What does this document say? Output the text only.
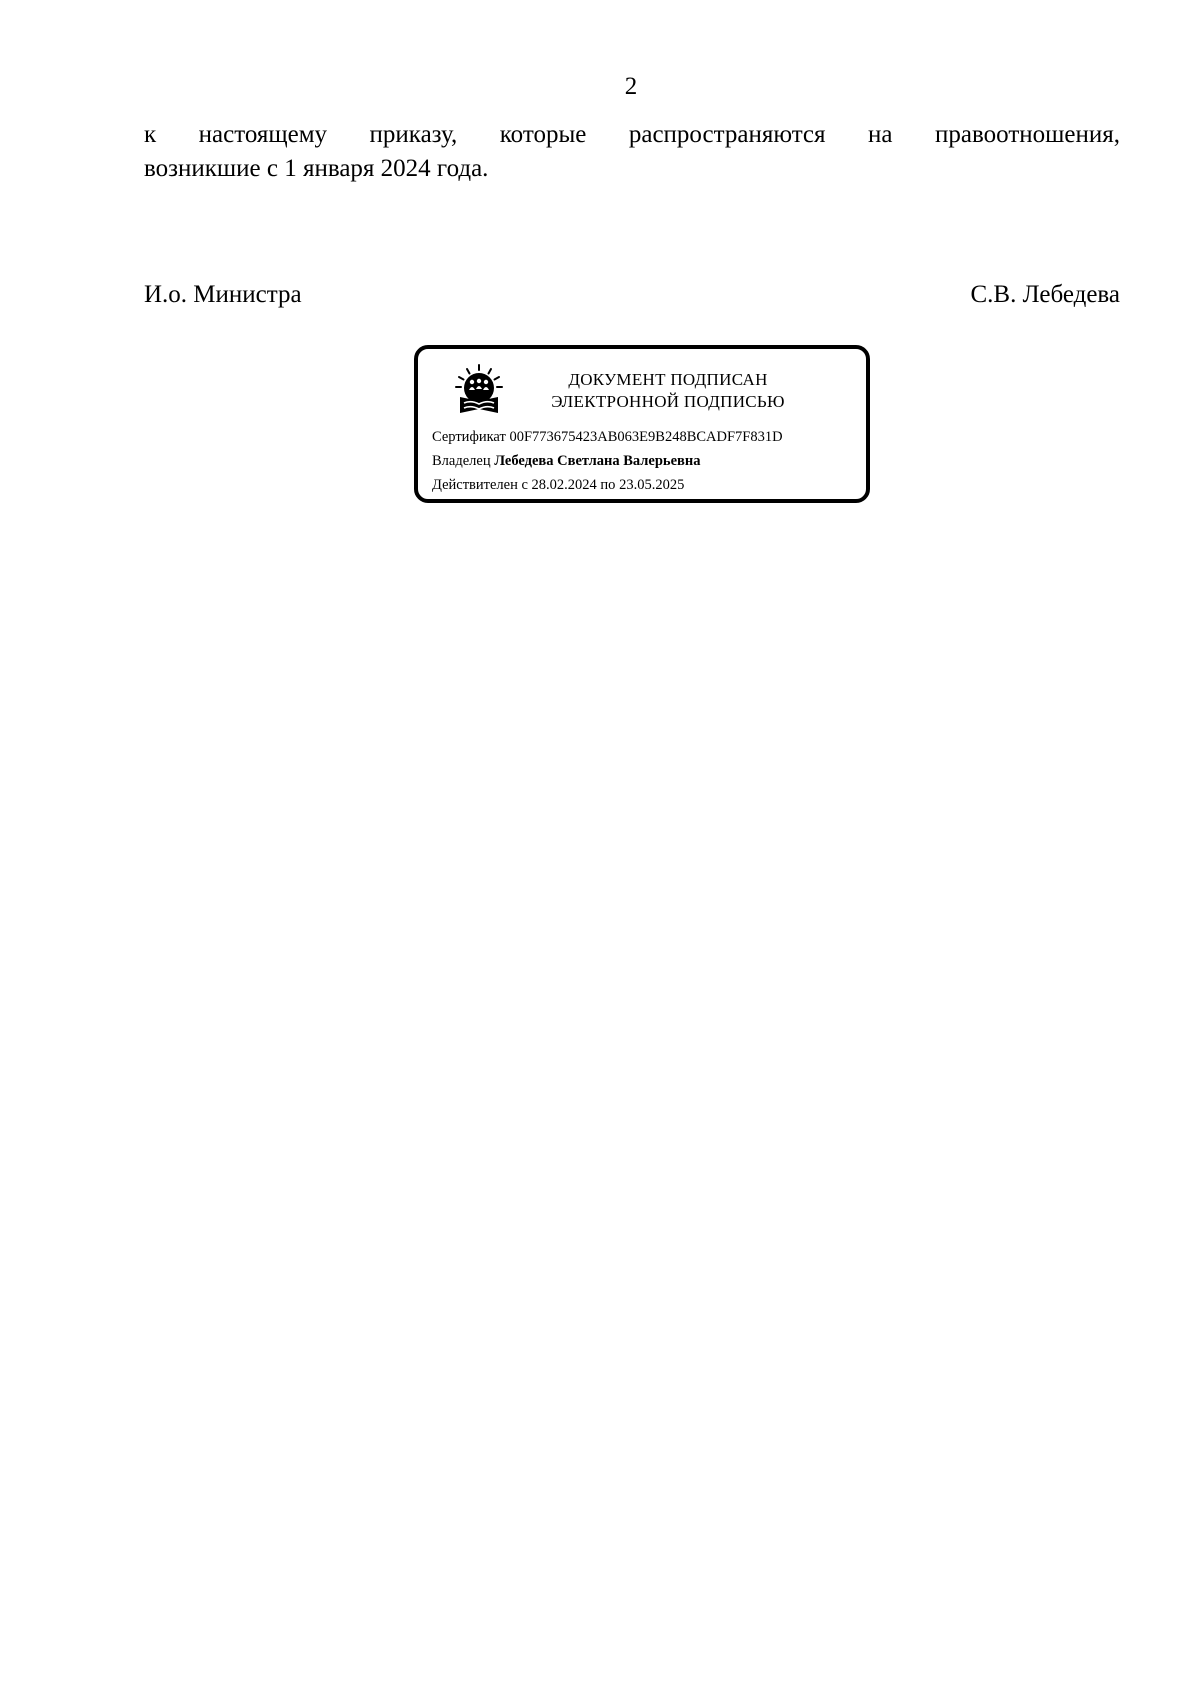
2
к настоящему приказу, которые распространяются на правоотношения,
возникшие с 1 января 2024 года.
И.о. Министра	С.В. Лебедева
ДОКУМЕНТ ПОДПИСАН
ЭЛЕКТРОННОЙ ПОДПИСЬЮ
Сертификат 00F773675423AB063E9B248BCADF7F831D
Владелец Лебедева Светлана Валерьевна
Действителен с 28.02.2024 по 23.05.2025
